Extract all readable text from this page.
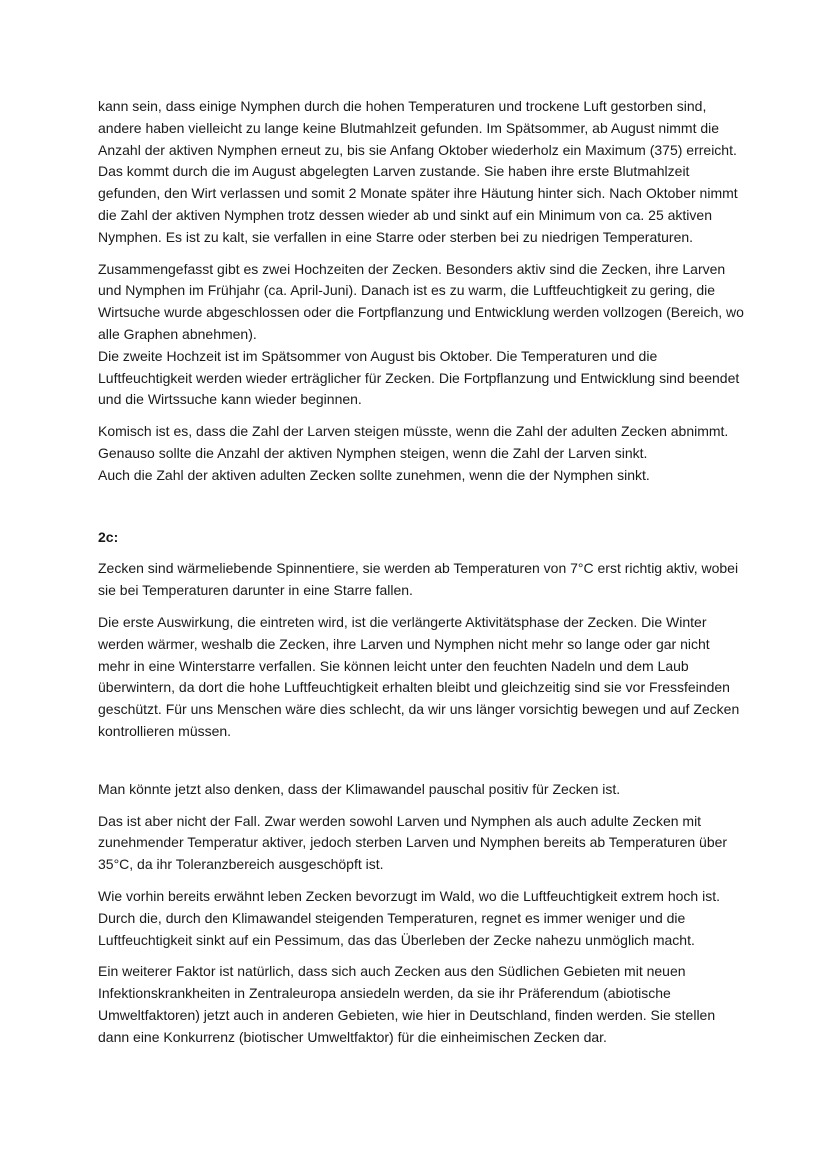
kann sein, dass einige Nymphen durch die hohen Temperaturen und trockene Luft gestorben sind, andere haben vielleicht zu lange keine Blutmahlzeit gefunden. Im Spätsommer, ab August nimmt die Anzahl der aktiven Nymphen erneut zu, bis sie Anfang Oktober wiederholz ein Maximum (375) erreicht. Das kommt durch die im August abgelegten Larven zustande. Sie haben ihre erste Blutmahlzeit gefunden, den Wirt verlassen und somit 2 Monate später ihre Häutung hinter sich. Nach Oktober nimmt die Zahl der aktiven Nymphen trotz dessen wieder ab und sinkt auf ein Minimum von ca. 25 aktiven Nymphen. Es ist zu kalt, sie verfallen in eine Starre oder sterben bei zu niedrigen Temperaturen.

Zusammengefasst gibt es zwei Hochzeiten der Zecken. Besonders aktiv sind die Zecken, ihre Larven und Nymphen im Frühjahr (ca. April-Juni). Danach ist es zu warm, die Luftfeuchtigkeit zu gering, die Wirtsuche wurde abgeschlossen oder die Fortpflanzung und Entwicklung werden vollzogen (Bereich, wo alle Graphen abnehmen).

Die zweite Hochzeit ist im Spätsommer von August bis Oktober. Die Temperaturen und die Luftfeuchtigkeit werden wieder erträglicher für Zecken. Die Fortpflanzung und Entwicklung sind beendet und die Wirtssuche kann wieder beginnen.

Komisch ist es, dass die Zahl der Larven steigen müsste, wenn die Zahl der adulten Zecken abnimmt.

Genauso sollte die Anzahl der aktiven Nymphen steigen, wenn die Zahl der Larven sinkt.

Auch die Zahl der aktiven adulten Zecken sollte zunehmen, wenn die der Nymphen sinkt.

2c:

Zecken sind wärmeliebende Spinnentiere, sie werden ab Temperaturen von 7°C erst richtig aktiv, wobei sie bei Temperaturen darunter in eine Starre fallen.

Die erste Auswirkung, die eintreten wird, ist die verlängerte Aktivitätsphase der Zecken. Die Winter werden wärmer, weshalb die Zecken, ihre Larven und Nymphen nicht mehr so lange oder gar nicht mehr in eine Winterstarre verfallen. Sie können leicht unter den feuchten Nadeln und dem Laub überwintern, da dort die hohe Luftfeuchtigkeit erhalten bleibt und gleichzeitig sind sie vor Fressfeinden geschützt. Für uns Menschen wäre dies schlecht, da wir uns länger vorsichtig bewegen und auf Zecken kontrollieren müssen.

Man könnte jetzt also denken, dass der Klimawandel pauschal positiv für Zecken ist.

Das ist aber nicht der Fall. Zwar werden sowohl Larven und Nymphen als auch adulte Zecken mit zunehmender Temperatur aktiver, jedoch sterben Larven und Nymphen bereits ab Temperaturen über 35°C, da ihr Toleranzbereich ausgeschöpft ist.

Wie vorhin bereits erwähnt leben Zecken bevorzugt im Wald, wo die Luftfeuchtigkeit extrem hoch ist. Durch die, durch den Klimawandel steigenden Temperaturen, regnet es immer weniger und die Luftfeuchtigkeit sinkt auf ein Pessimum, das das Überleben der Zecke nahezu unmöglich macht.

Ein weiterer Faktor ist natürlich, dass sich auch Zecken aus den Südlichen Gebieten mit neuen Infektionskrankheiten in Zentraleuropa ansiedeln werden, da sie ihr Präferendum (abiotische Umweltfaktoren) jetzt auch in anderen Gebieten, wie hier in Deutschland, finden werden. Sie stellen dann eine Konkurrenz (biotischer Umweltfaktor) für die einheimischen Zecken dar.
